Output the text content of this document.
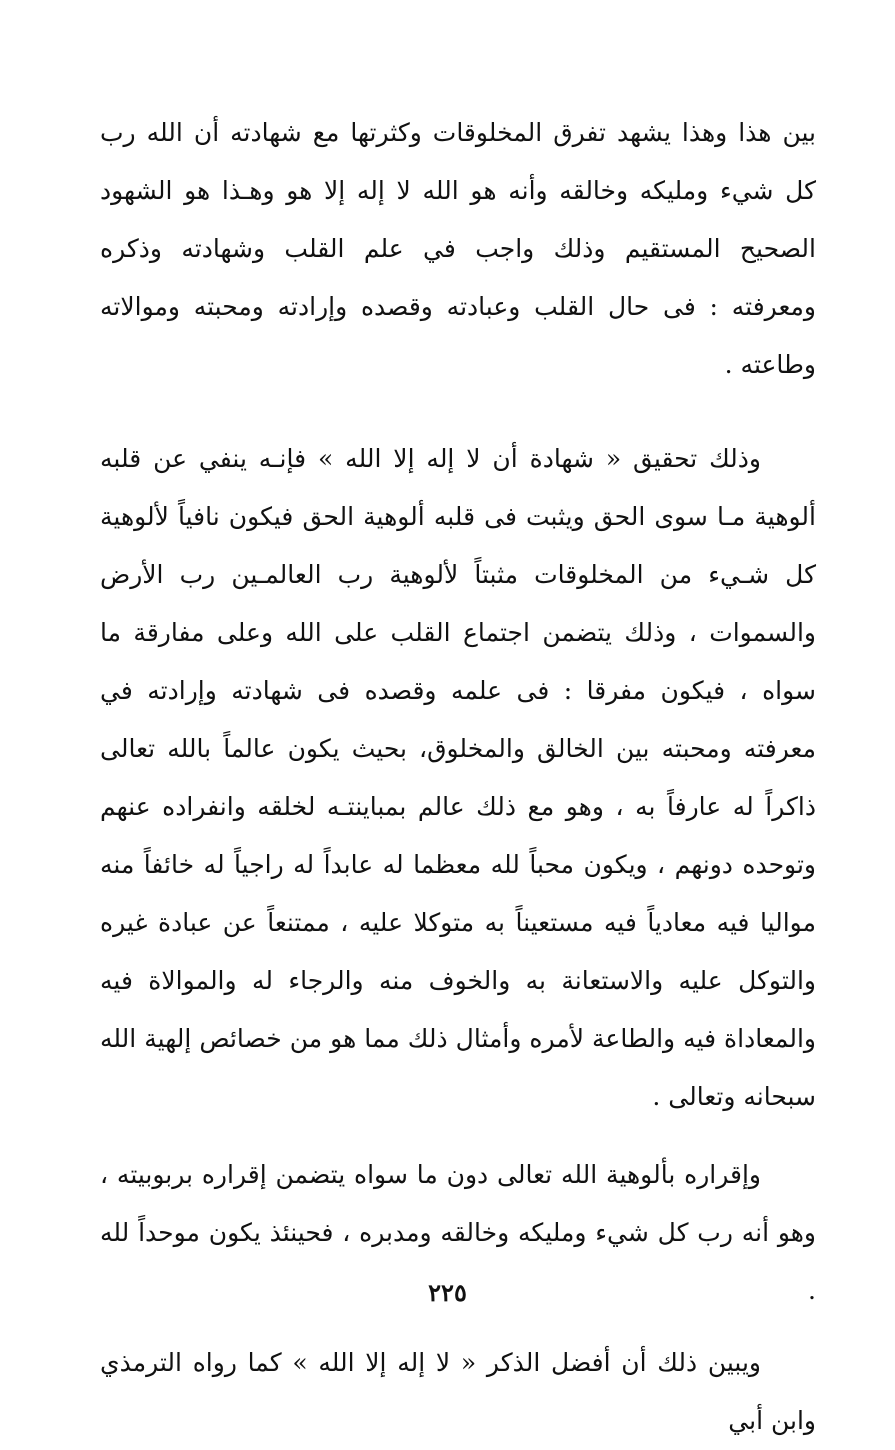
بين هذا وهذا يشهد تفرق المخلوقات وكثرتها مع شهادته أن الله رب كل شيء ومليكه وخالقه وأنه هو الله لا إله إلا هو وهـذا هو الشهود الصحيح المستقيم وذلك واجب في علم القلب وشهادته وذكره ومعرفته : فى حال القلب وعبادته وقصده وإرادته ومحبته وموالاته وطاعته .

وذلك تحقيق « شهادة أن لا إله إلا الله » فإنـه ينفي عن قلبه ألوهية مـا سوى الحق ويثبت فى قلبه ألوهية الحق فيكون نافياً لألوهية كل شـيء من المخلوقات مثبتاً لألوهية رب العالمـين رب الأرض والسموات ، وذلك يتضمن اجتماع القلب على الله وعلى مفارقة ما سواه ، فيكون مفرقا : فى علمه وقصده فى شهادته وإرادته في معرفته ومحبته بين الخالق والمخلوق، بحيث يكون عالماً بالله تعالى ذاكراً له عارفاً به ، وهو مع ذلك عالم بمباينتـه لخلقه وانفراده عنهم وتوحده دونهم ، ويكون محباً لله معظما له عابداً له راجياً له خائفاً منه مواليا فيه معادياً فيه مستعيناً به متوكلا عليه ، ممتنعاً عن عبادة غيره والتوكل عليه والاستعانة به والخوف منه والرجاء له والموالاة فيه والمعاداة فيه والطاعة لأمره وأمثال ذلك مما هو من خصائص إلهية الله سبحانه وتعالى .

وإقراره بألوهية الله تعالى دون ما سواه يتضمن إقراره بربوبيته ، وهو أنه رب كل شيء ومليكه وخالقه ومدبره ، فحينئذ يكون موحداً لله .

ويبين ذلك أن أفضل الذكر « لا إله إلا الله » كما رواه الترمذي وابن أبي

٢٢٥
